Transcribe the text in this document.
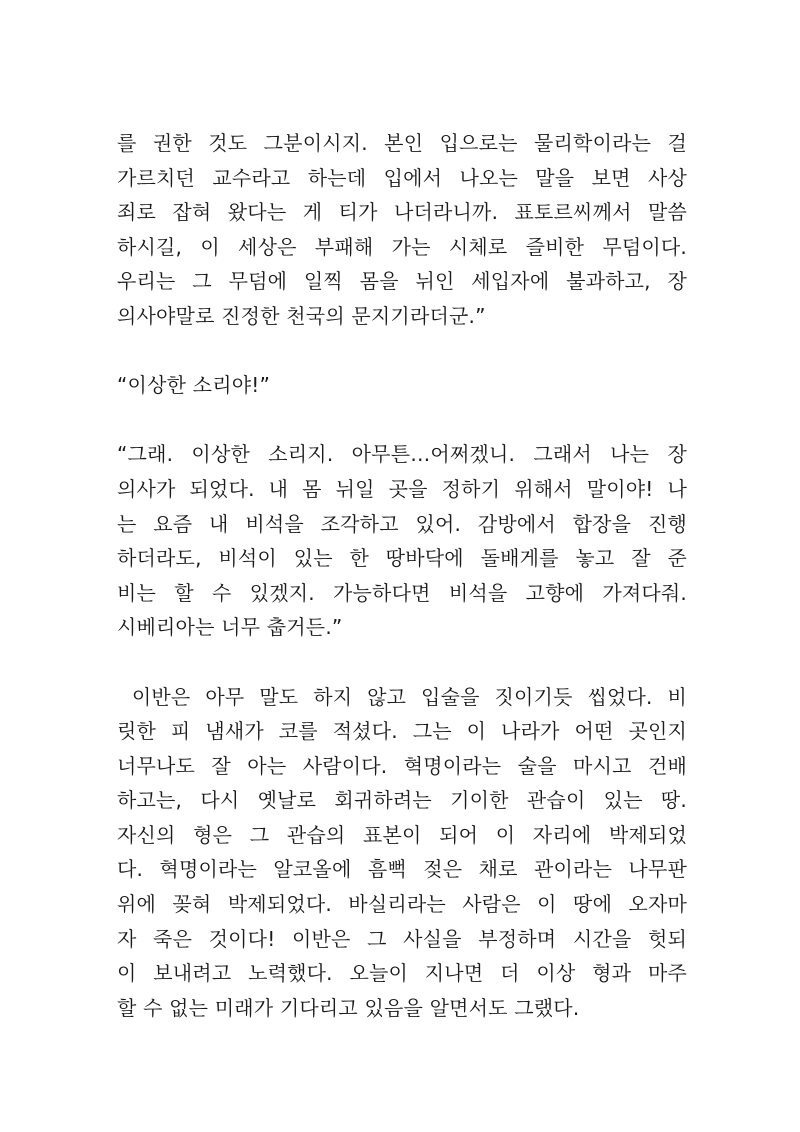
를 권한 것도 그분이시지. 본인 입으로는 물리학이라는 걸
가르치던 교수라고 하는데 입에서 나오는 말을 보면 사상
죄로 잡혀 왔다는 게 티가 나더라니까. 표토르씨께서 말씀
하시길, 이 세상은 부패해 가는 시체로 즐비한 무덤이다.
우리는 그 무덤에 일찍 몸을 뉘인 세입자에 불과하고, 장
의사야말로 진정한 천국의 문지기라더군.”
“이상한 소리야!”
“그래. 이상한 소리지. 아무튼…어쩌겠니. 그래서 나는 장
의사가 되었다. 내 몸 뉘일 곳을 정하기 위해서 말이야! 나
는 요즘 내 비석을 조각하고 있어. 감방에서 합장을 진행
하더라도, 비석이 있는 한 땅바닥에 돌배게를 놓고 잘 준
비는 할 수 있겠지. 가능하다면 비석을 고향에 가져다줘.
시베리아는 너무 춥거든.”
이반은 아무 말도 하지 않고 입술을 짓이기듯 씹었다. 비
릿한 피 냄새가 코를 적셨다. 그는 이 나라가 어떤 곳인지
너무나도 잘 아는 사람이다. 혁명이라는 술을 마시고 건배
하고는, 다시 옛날로 회귀하려는 기이한 관습이 있는 땅.
자신의 형은 그 관습의 표본이 되어 이 자리에 박제되었
다. 혁명이라는 알코올에 흠뻑 젖은 채로 관이라는 나무판
위에 꽂혀 박제되었다. 바실리라는 사람은 이 땅에 오자마
자 죽은 것이다! 이반은 그 사실을 부정하며 시간을 헛되
이 보내려고 노력했다. 오늘이 지나면 더 이상 형과 마주
할 수 없는 미래가 기다리고 있음을 알면서도 그랬다.
